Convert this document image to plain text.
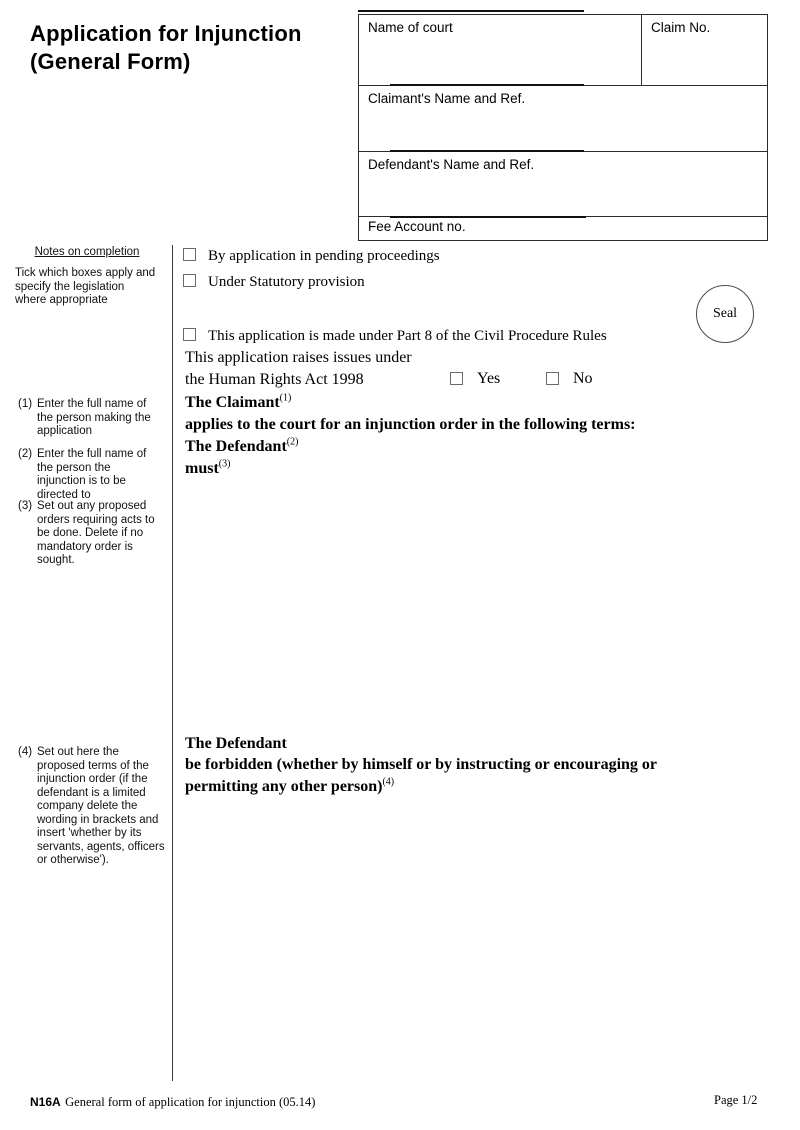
Application for Injunction
(General Form)
Name of court	Claim No.
Claimant's Name and Ref.
Defendant's Name and Ref.
Fee Account no.
Notes on completion
Tick which boxes apply and specify the legislation where appropriate
(1) Enter the full name of the person making the application
(2) Enter the full name of the person the injunction is to be directed to
(3) Set out any proposed orders requiring acts to be done. Delete if no mandatory order is sought.
(4) Set out here the proposed terms of the injunction order (if the defendant is a limited company delete the wording in brackets and insert 'whether by its servants, agents, officers or otherwise').
By application in pending proceedings
Under Statutory provision
This application is made under Part 8 of the Civil Procedure Rules
Seal
This application raises issues under
the Human Rights Act 1998	Yes	No
The Claimant$^{(1)}$
applies to the court for an injunction order in the following terms:
The Defendant$^{(2)}$
must$^{(3)}$
The Defendant
be forbidden (whether by himself or by instructing or encouraging or
permitting any other person)$^{(4)}$
N16A General form of application for injunction (05.14)	Page 1/2
